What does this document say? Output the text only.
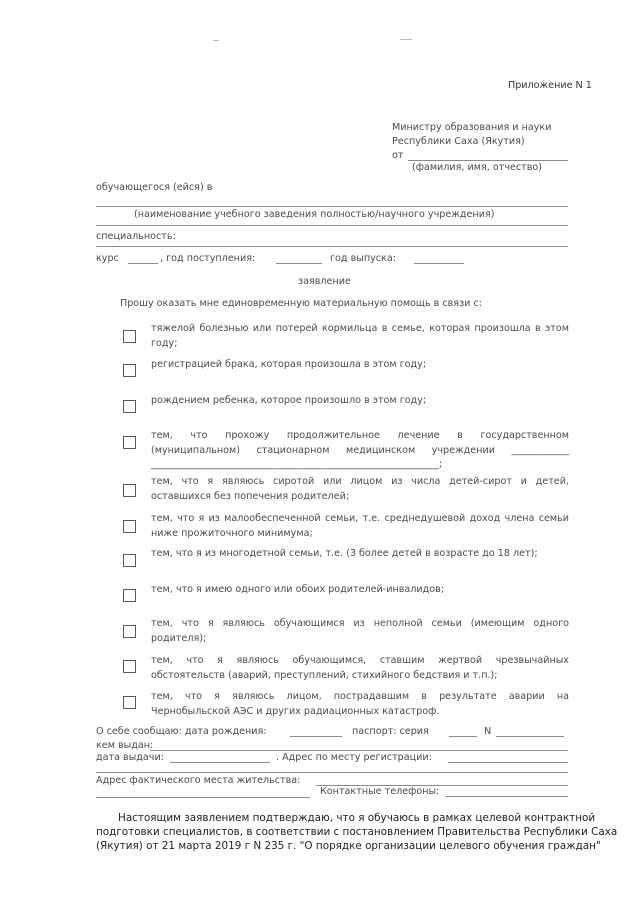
Приложение N 1
Министру образования и науки
Республики Саха (Якутия)
от
(фамилия, имя, отчество)
обучающегося (ейся) в
(наименование учебного заведения полностью/научного учреждения)
специальность:
курс	, год поступления:	год выпуска:
заявление
Прошу оказать мне единовременную материальную помощь в связи с:
тяжелой болезнью или потерей кормильца в семье, которая произошла в этом году;
регистрацией брака, которая произошла в этом году;
рождением ребенка, которое произошло в этом году;
тем, что прохожу продолжительное лечение в государственном (муниципальном) стационарном медицинском учреждении ____________ ____________________________________________________________;
тем, что я являюсь сиротой или лицом из числа детей-сирот и детей, оставшихся без попечения родителей;
тем, что я из малообеспеченной семьи, т.е. среднедушевой доход члена семьи ниже прожиточного минимума;
тем, что я из многодетной семьи, т.е. (3 более детей в возрасте до 18 лет);
тем, что я имею одного или обоих родителей-инвалидов;
тем, что я являюсь обучающимся из неполной семьи (имеющим одного родителя);
тем, что я являюсь обучающимся, ставшим жертвой чрезвычайных обстоятельств (аварий, преступлений, стихийного бедствия и т.п.);
тем, что я являюсь лицом, пострадавшим в результате аварии на Чернобыльской АЭС и других радиационных катастроф.
О себе сообщаю: дата рождения:	паспорт: серия	N
кем выдан:
дата выдачи:	. Адрес по месту регистрации:
Адрес фактического места жительства:
Контактные телефоны:
Настоящим заявлением подтверждаю, что я обучаюсь в рамках целевой контрактной
подготовки специалистов, в соответствии с постановлением Правительства Республики Саха
(Якутия) от 21 марта 2019 г N 235 г. "О порядке организации целевого обучения граждан"
